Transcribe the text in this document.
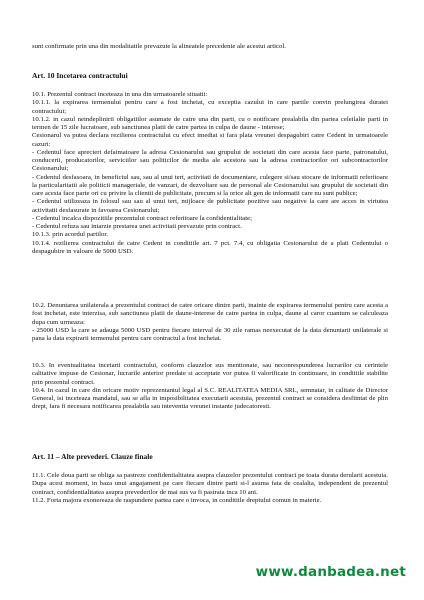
sunt confirmate prin una din modalitatile prevazute la alineatele precedente ale acestui articol.

Art. 10 Incetarea contractului

10.1. Prezentul contract inceteaza in una din urmatoarele situatii:

10.1.1. la expirarea termenului pentru care a fost incheiat, cu exceptia cazului in care partile convin prelungirea duratei contractului;

10.1.2. in cazul neindeplinirii obligatiilor asumate de catre una din parti, cu o notificare prealabila din partea celeilalte parti in termen de 15 zile lucratoare, sub sanctiunea platii de catre partea in culpa de daune - interese;

Cesionarul va putea declara rezilierea contractului cu efect imediat si fara plata vreunei despagubiri catre Cedent in urmatoarele cazuri:

- Cedentul face aprecieri defaimatoare la adresa Cesionarului sau grupului de societati din care acesta face parte, patronatului, conducerii, producatorilor, serviciilor sau politicilor de media ale acestora sau la adresa contractorilor ori subcontractorilor Cesionarului;

- Cedentul desfasoara, in beneficiul sau, sau al unui tert, activitati de documentare, culegere si/sau stocare de informatii referitoare la particularitatii ale politicii manageriale, de vanzari, de dezvoltare sau de personal ale Cesionarului sau grupului de societati din care acesta face parte ori cu privire la clientii de publicitate, precum si la orice alt gen de informatii care nu sunt publice;

- Cedentul utilizeaza in folosul sau sau al unui tert, mijloace de publicitate pozitive sau negative la care are acces in virtutea activitatii desfasurate in favoarea Cesionarului;

- Cedentul incalca dispozitiile prezentului contract referitoare la confidentialitate;

- Cedentul refuza sau intarzie prestarea unei activitati prevazute prin contract.

10.1.3. prin acordul partilor.

10.1.4. rezilierea contractului de catre Cedent in conditiile art. 7 pct. 7.4, cu obligatia Cesionarului de a plati Cedentului o despagubire in valoare de 5000 USD.

10.2. Denuntarea unilaterala a prezentului contract de catre oricare dintre parti, inainte de expirarea termenului pentru care acesta a fost incheiat, este interzisa, sub sanctiunea platii de daune-interese de catre partea in culpa, daune al caror cuantum se calculeaza dupa cum urmeaza:

- 25000 USD la care se adauga 5000 USD pentru fiecare interval de 30 zile ramas neexecutat de la data denuntarii unilaterale si pana la data expirarii termenului pentru care contractul a fost incheiat.

10.3. In eventualitatea incetarii contractului, conform clauzelor sus mentionate, sau neconrespunderea lucrarilor cu cerintele calitative impuse de Cesionar, lucrarile anterior predate si acceptate vor putea fi valorificate in continuare, in conditiile stabilite prin prezentul contract.

10.4. In cazul in care din oricare motiv reprezentantul legal al S.C. REALITATEA MEDIA SRL, semnatar, in calitate de Director General, isi inceteaza mandatul, sau se afla in imposibilitatea executarii acestuia, prezentul contract se considera desfiintat de plin drept, fara fi necesara notificarea prealabila sau inteventia vreunei instante judecatoresti.

Art. 11 – Alte prevederi. Clauze finale

11.1. Cele doua parti se obliga sa pastreze confidentialitatea asupra clauzelor prezentului contract pe toata durata derularii acestuia. Dupa acest moment, in baza unui angajament pe care fiecare dintre parti si-l asuma fata de cealalta, independent de prezentul contract, confidentialitatea asupra prevederilor de mai sus va fi pastrata inca 10 ani.

11.2. Forta majora exonereaza de raspundere partea care o invoca, in conditiile dreptului comun in materie.

www.danbadea.net
